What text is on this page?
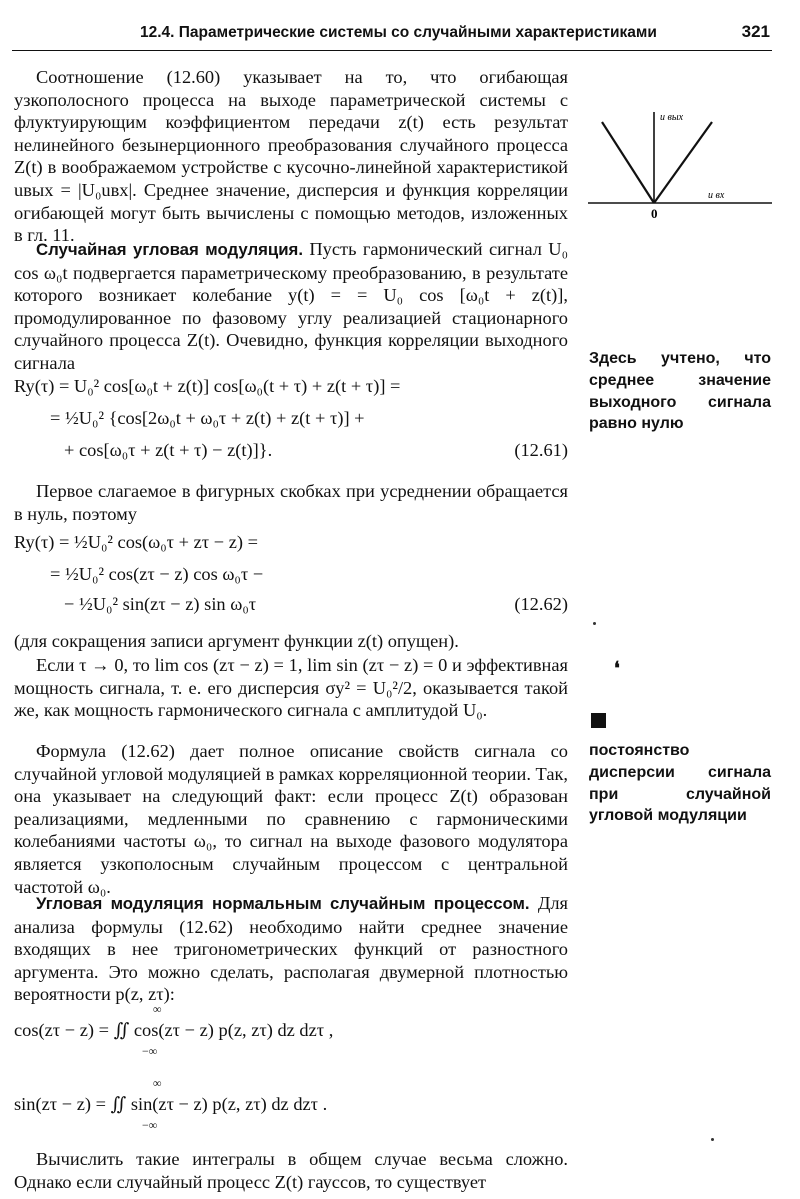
12.4. Параметрические системы со случайными характеристиками	321
u вых
u вх
0

Соотношение (12.60) указывает на то, что огибающая узкополосного процесса на выходе параметрической системы с флуктуирующим коэффициентом передачи z(t) есть результат нелинейного безынерционного преобразования случайного процесса Z(t) в воображаемом устройстве с кусочно-линейной характеристикой uвых = |U₀uвх|. Среднее значение, дисперсия и функция корреляции огибающей могут быть вычислены с помощью методов, изложенных в гл. 11.

Случайная угловая модуляция. Пусть гармонический сигнал U₀ cos ω₀t подвергается параметрическому преобразованию, в результате которого возникает колебание y(t) = = U₀ cos [ω₀t + z(t)], промодулированное по фазовому углу реализацией стационарного случайного процесса Z(t). Очевидно, функция корреляции выходного сигнала

Ry(τ) = U₀² cos[ω₀t + z(t)] cos[ω₀(t + τ) + z(t + τ)] =
= ½U₀² {cos[2ω₀t + ω₀τ + z(t) + z(t + τ)] +
+ cos[ω₀τ + z(t + τ) − z(t)]}.	(12.61)

Первое слагаемое в фигурных скобках при усреднении обращается в нуль, поэтому

Ry(τ) = ½U₀² cos(ω₀τ + zτ − z) =
= ½U₀² cos(zτ − z) cos ω₀τ −
− ½U₀² sin(zτ − z) sin ω₀τ	(12.62)

(для сокращения записи аргумент функции z(t) опущен).

Если τ → 0, то lim cos (zτ − z) = 1, lim sin (zτ − z) = 0 и эффективная мощность сигнала, т. е. его дисперсия σy² = U₀²/2, оказывается такой же, как мощность гармонического сигнала с амплитудой U₀.

Формула (12.62) дает полное описание свойств сигнала со случайной угловой модуляцией в рамках корреляционной теории. Так, она указывает на следующий факт: если процесс Z(t) образован реализациями, медленными по сравнению с гармоническими колебаниями частоты ω₀, то сигнал на выходе фазового модулятора является узкополосным случайным процессом с центральной частотой ω₀.

Угловая модуляция нормальным случайным процессом. Для анализа формулы (12.62) необходимо найти среднее значение входящих в нее тригонометрических функций от разностного аргумента. Это можно сделать, располагая двумерной плотностью вероятности p(z, zτ):

∞
cos(zτ − z) = ∬ cos(zτ − z) p(z, zτ) dz dzτ ,
−∞
∞
sin(zτ − z) = ∬ sin(zτ − z) p(z, zτ) dz dzτ .
−∞

Вычислить такие интегралы в общем случае весьма сложно. Однако если случайный процесс Z(t) гауссов, то существует

Здесь учтено, что среднее значение выходного сигнала равно нулю
❛
постоянство дисперсии сигнала при случайной угловой модуляции
